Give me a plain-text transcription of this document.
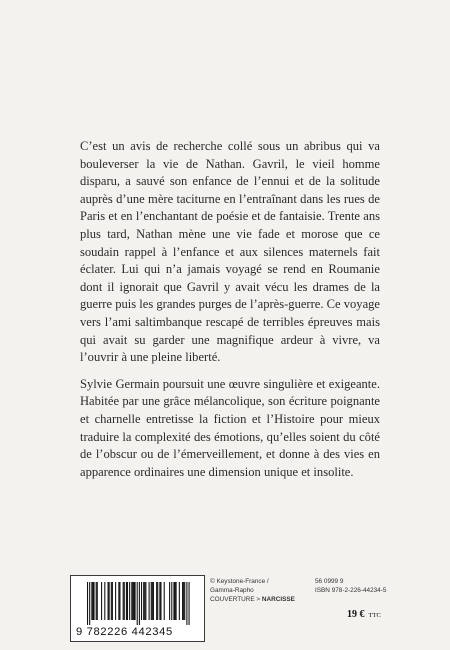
C’est un avis de recherche collé sous un abribus qui va bouleverser la vie de Nathan. Gavril, le vieil homme disparu, a sauvé son enfance de l’ennui et de la solitude auprès d’une mère taciturne en l’entraînant dans les rues de Paris et en l’enchantant de poésie et de fantaisie. Trente ans plus tard, Nathan mène une vie fade et morose que ce soudain rappel à l’enfance et aux silences maternels fait éclater. Lui qui n’a jamais voyagé se rend en Roumanie dont il ignorait que Gavril y avait vécu les drames de la guerre puis les grandes purges de l’après-guerre. Ce voyage vers l’ami saltimbanque rescapé de terribles épreuves mais qui avait su garder une magnifique ardeur à vivre, va l’ouvrir à une pleine liberté.

Sylvie Germain poursuit une œuvre singulière et exigeante. Habitée par une grâce mélancolique, son écriture poignante et charnelle entretisse la fiction et l’Histoire pour mieux traduire la complexité des émotions, qu’elles soient du côté de l’obscur ou de l’émerveillement, et donne à des vies en apparence ordinaires une dimension unique et insolite.

9 782226 442345
© Keystone-France /
Gamma-Rapho
COUVERTURE > NARCISSE
56 0999 9
ISBN 978-2-226-44234-5
19 € TTC
